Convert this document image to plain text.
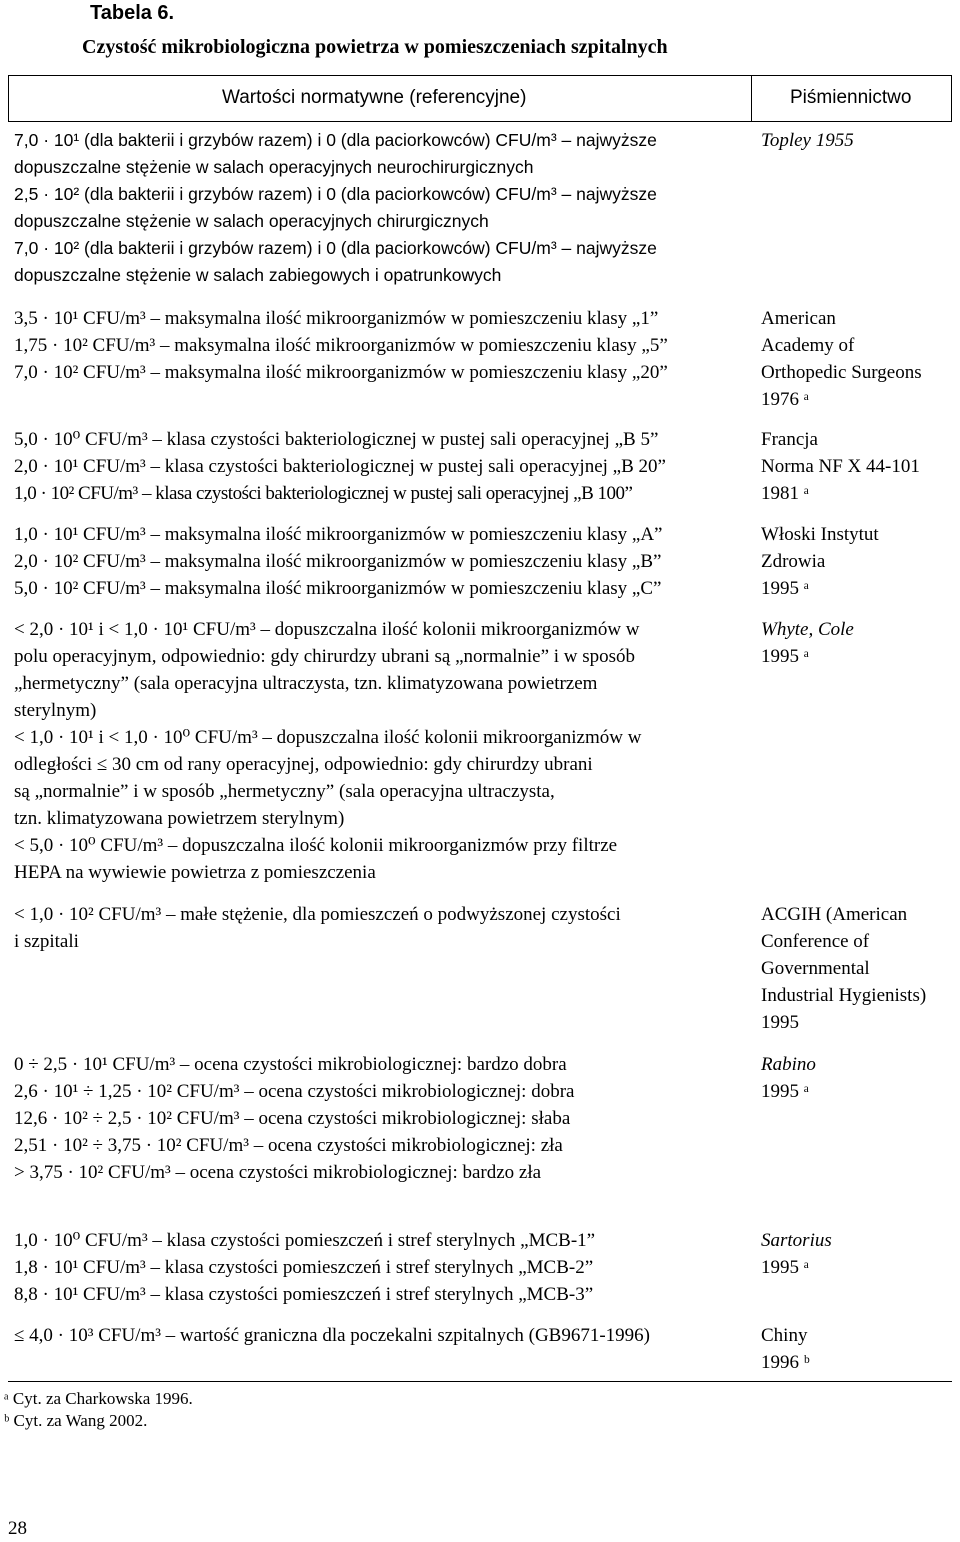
Tabela 6.
Czystość mikrobiologiczna powietrza w pomieszczeniach szpitalnych
Wartości normatywne (referencyjne)	Piśmiennictwo
7,0 · 10¹ (dla bakterii i grzybów razem) i 0 (dla paciorkowców) CFU/m³ – najwyższe
dopuszczalne stężenie w salach operacyjnych neurochirurgicznych
2,5 · 10² (dla bakterii i grzybów razem) i 0 (dla paciorkowców) CFU/m³ – najwyższe
dopuszczalne stężenie w salach operacyjnych chirurgicznych
7,0 · 10² (dla bakterii i grzybów razem) i 0 (dla paciorkowców) CFU/m³ – najwyższe
dopuszczalne stężenie w salach zabiegowych i opatrunkowych
Topley 1955
3,5 · 10¹ CFU/m³ – maksymalna ilość mikroorganizmów w pomieszczeniu klasy „1”
1,75 · 10² CFU/m³ – maksymalna ilość mikroorganizmów w pomieszczeniu klasy „5”
7,0 · 10² CFU/m³ – maksymalna ilość mikroorganizmów w pomieszczeniu klasy „20”
American
Academy of
Orthopedic Surgeons
1976 ᵃ
5,0 · 10⁰ CFU/m³ – klasa czystości bakteriologicznej w pustej sali operacyjnej „B 5”
2,0 · 10¹ CFU/m³ – klasa czystości bakteriologicznej w pustej sali operacyjnej „B 20”
1,0 · 10² CFU/m³ – klasa czystości bakteriologicznej w pustej sali operacyjnej „B 100”
Francja
Norma NF X 44-101
1981 ᵃ
1,0 · 10¹ CFU/m³ – maksymalna ilość mikroorganizmów w pomieszczeniu klasy „A”
2,0 · 10² CFU/m³ – maksymalna ilość mikroorganizmów w pomieszczeniu klasy „B”
5,0 · 10² CFU/m³ – maksymalna ilość mikroorganizmów w pomieszczeniu klasy „C”
Włoski Instytut
Zdrowia
1995 ᵃ
< 2,0 · 10¹ i < 1,0 · 10¹ CFU/m³ – dopuszczalna ilość kolonii mikroorganizmów w
polu operacyjnym, odpowiednio: gdy chirurdzy ubrani są „normalnie” i w sposób
„hermetyczny” (sala operacyjna ultraczysta, tzn. klimatyzowana powietrzem
sterylnym)
< 1,0 · 10¹ i < 1,0 · 10⁰ CFU/m³ – dopuszczalna ilość kolonii mikroorganizmów w
odległości ≤ 30 cm od rany operacyjnej, odpowiednio: gdy chirurdzy ubrani
są „normalnie” i w sposób „hermetyczny” (sala operacyjna ultraczysta,
tzn. klimatyzowana powietrzem sterylnym)
< 5,0 · 10⁰ CFU/m³ – dopuszczalna ilość kolonii mikroorganizmów przy filtrze
HEPA na wywiewie powietrza z pomieszczenia
Whyte, Cole
1995 ᵃ
< 1,0 · 10² CFU/m³ – małe stężenie, dla pomieszczeń o podwyższonej czystości
i szpitali
ACGIH (American
Conference of
Governmental
Industrial Hygienists)
1995
0 ÷ 2,5 · 10¹ CFU/m³ – ocena czystości mikrobiologicznej: bardzo dobra
2,6 · 10¹ ÷ 1,25 · 10² CFU/m³ – ocena czystości mikrobiologicznej: dobra
12,6 · 10² ÷ 2,5 · 10² CFU/m³ – ocena czystości mikrobiologicznej: słaba
2,51 · 10² ÷ 3,75 · 10² CFU/m³ – ocena czystości mikrobiologicznej: zła
> 3,75 · 10² CFU/m³ – ocena czystości mikrobiologicznej: bardzo zła
Rabino
1995 ᵃ
1,0 · 10⁰ CFU/m³ – klasa czystości pomieszczeń i stref sterylnych „MCB-1”
1,8 · 10¹ CFU/m³ – klasa czystości pomieszczeń i stref sterylnych „MCB-2”
8,8 · 10¹ CFU/m³ – klasa czystości pomieszczeń i stref sterylnych „MCB-3”
Sartorius
1995 ᵃ
≤ 4,0 · 10³ CFU/m³ – wartość graniczna dla poczekalni szpitalnych (GB9671-1996)	Chiny
1996 ᵇ
ᵃ Cyt. za Charkowska 1996.
ᵇ Cyt. za Wang 2002.
28
